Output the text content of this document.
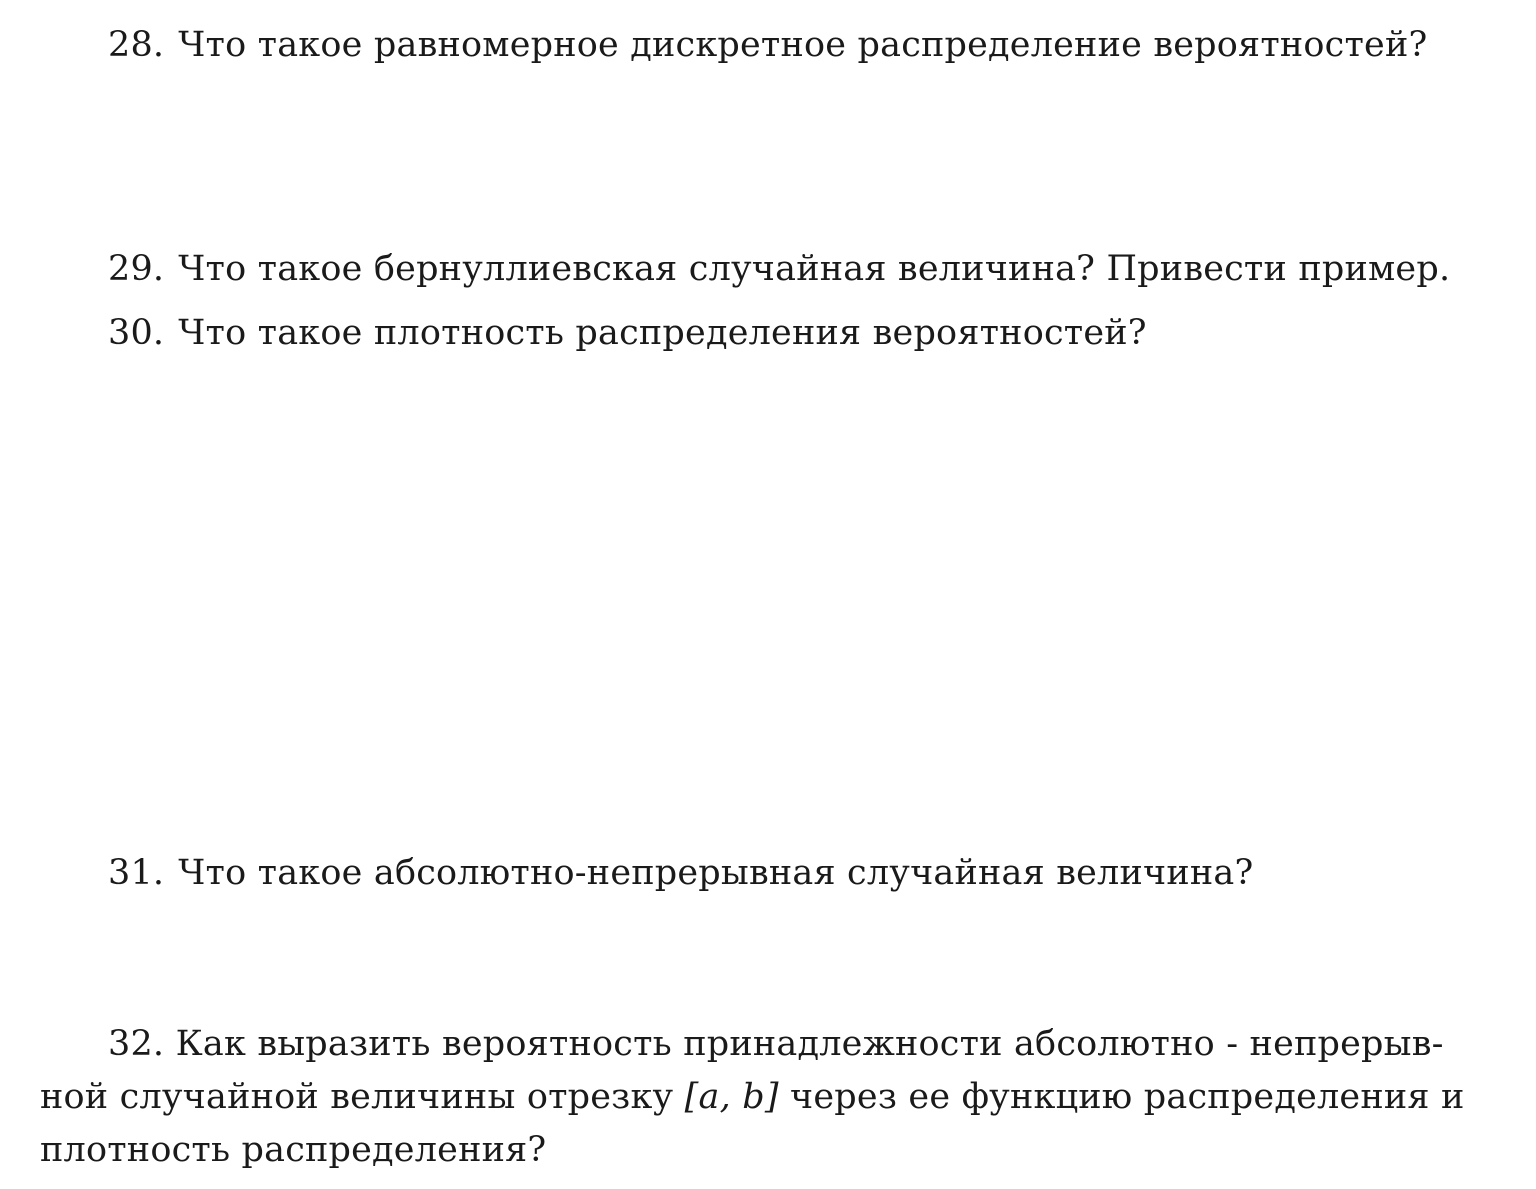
28. Что такое равномерное дискретное распределение вероятностей?
29. Что такое бернуллиевская случайная величина? Привести пример.
30. Что такое плотность распределения вероятностей?
31. Что такое абсолютно-непрерывная случайная величина?
32. Как выразить вероятность принадлежности абсолютно - непрерыв-
ной случайной величины отрезку [a, b] через ее функцию распределения и
плотность распределения?
